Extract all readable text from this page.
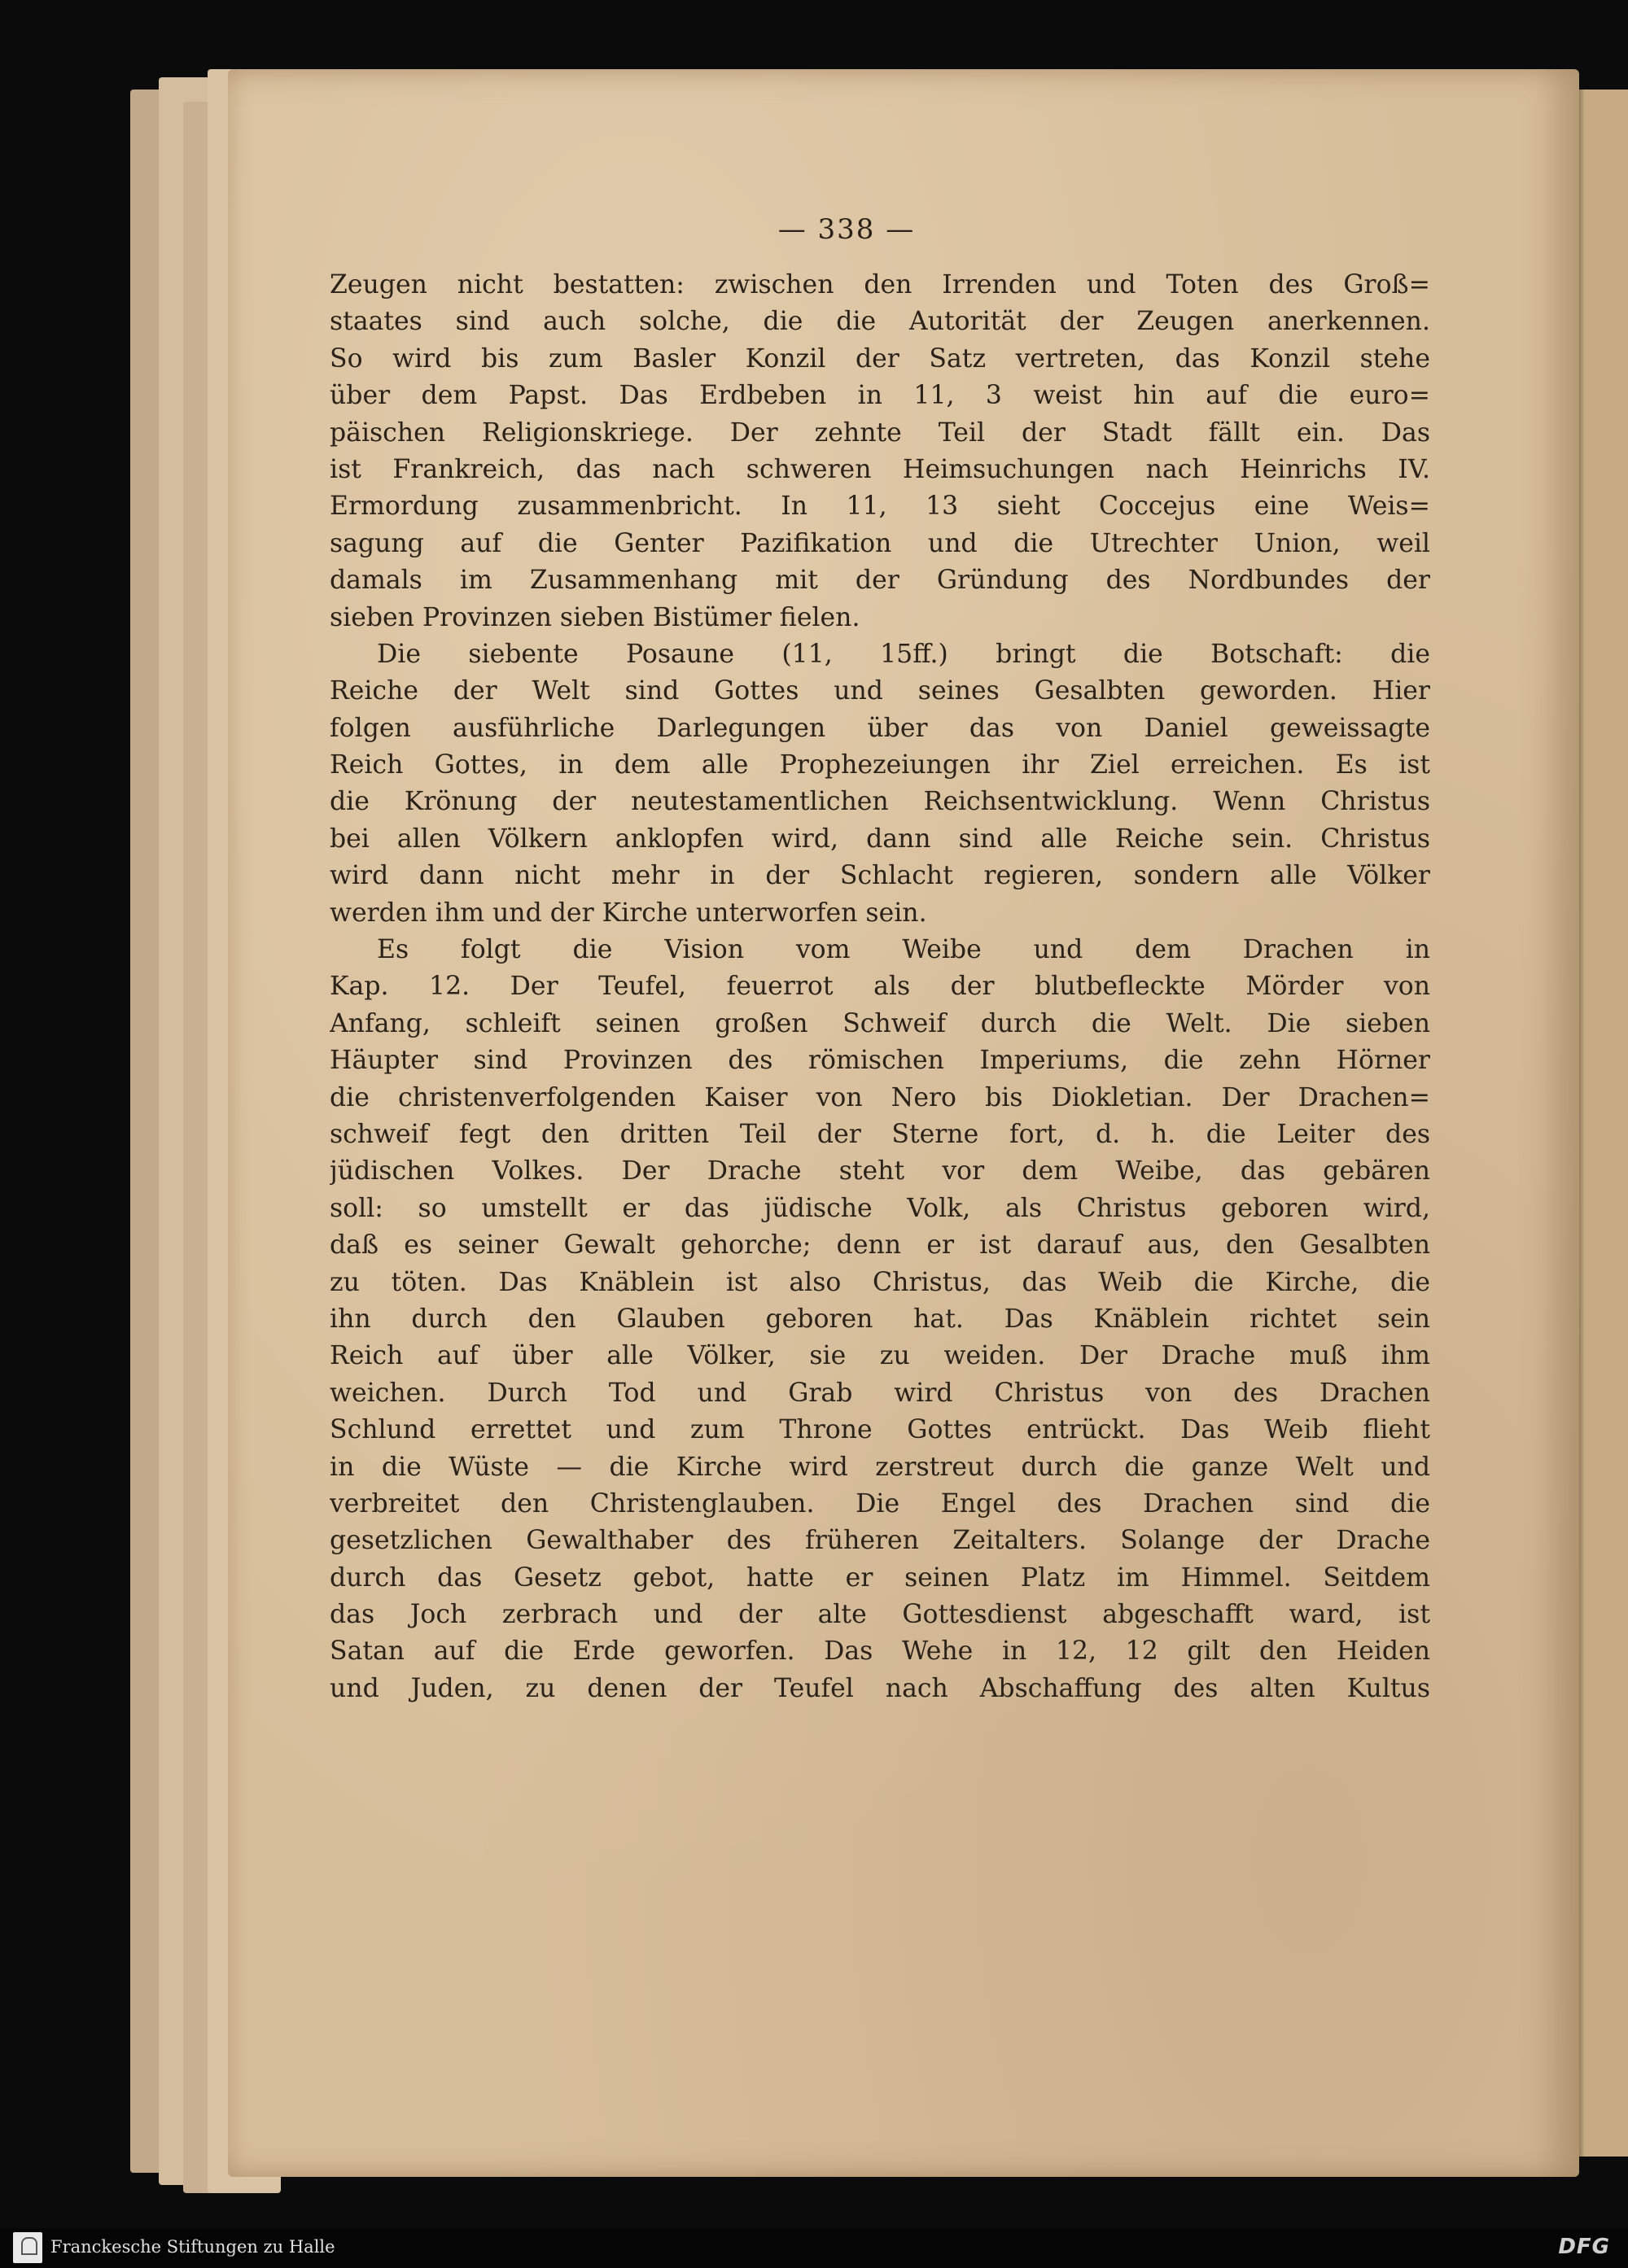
— 338 —
Zeugen nicht bestatten: zwischen den Irrenden und Toten des Groß=
staates sind auch solche, die die Autorität der Zeugen anerkennen.
So wird bis zum Basler Konzil der Satz vertreten, das Konzil stehe
über dem Papst. Das Erdbeben in 11, 3 weist hin auf die euro=
päischen Religionskriege. Der zehnte Teil der Stadt fällt ein. Das
ist Frankreich, das nach schweren Heimsuchungen nach Heinrichs IV.
Ermordung zusammenbricht. In 11, 13 sieht Coccejus eine Weis=
sagung auf die Genter Pazifikation und die Utrechter Union, weil
damals im Zusammenhang mit der Gründung des Nordbundes der
sieben Provinzen sieben Bistümer fielen.
Die siebente Posaune (11, 15ff.) bringt die Botschaft: die
Reiche der Welt sind Gottes und seines Gesalbten geworden. Hier
folgen ausführliche Darlegungen über das von Daniel geweissagte
Reich Gottes, in dem alle Prophezeiungen ihr Ziel erreichen. Es ist
die Krönung der neutestamentlichen Reichsentwicklung. Wenn Christus
bei allen Völkern anklopfen wird, dann sind alle Reiche sein. Christus
wird dann nicht mehr in der Schlacht regieren, sondern alle Völker
werden ihm und der Kirche unterworfen sein.
Es folgt die Vision vom Weibe und dem Drachen in
Kap. 12. Der Teufel, feuerrot als der blutbefleckte Mörder von
Anfang, schleift seinen großen Schweif durch die Welt. Die sieben
Häupter sind Provinzen des römischen Imperiums, die zehn Hörner
die christenverfolgenden Kaiser von Nero bis Diokletian. Der Drachen=
schweif fegt den dritten Teil der Sterne fort, d. h. die Leiter des
jüdischen Volkes. Der Drache steht vor dem Weibe, das gebären
soll: so umstellt er das jüdische Volk, als Christus geboren wird,
daß es seiner Gewalt gehorche; denn er ist darauf aus, den Gesalbten
zu töten. Das Knäblein ist also Christus, das Weib die Kirche, die
ihn durch den Glauben geboren hat. Das Knäblein richtet sein
Reich auf über alle Völker, sie zu weiden. Der Drache muß ihm
weichen. Durch Tod und Grab wird Christus von des Drachen
Schlund errettet und zum Throne Gottes entrückt. Das Weib flieht
in die Wüste — die Kirche wird zerstreut durch die ganze Welt und
verbreitet den Christenglauben. Die Engel des Drachen sind die
gesetzlichen Gewalthaber des früheren Zeitalters. Solange der Drache
durch das Gesetz gebot, hatte er seinen Platz im Himmel. Seitdem
das Joch zerbrach und der alte Gottesdienst abgeschafft ward, ist
Satan auf die Erde geworfen. Das Wehe in 12, 12 gilt den Heiden
und Juden, zu denen der Teufel nach Abschaffung des alten Kultus
Franckesche Stiftungen zu Halle	DFG
